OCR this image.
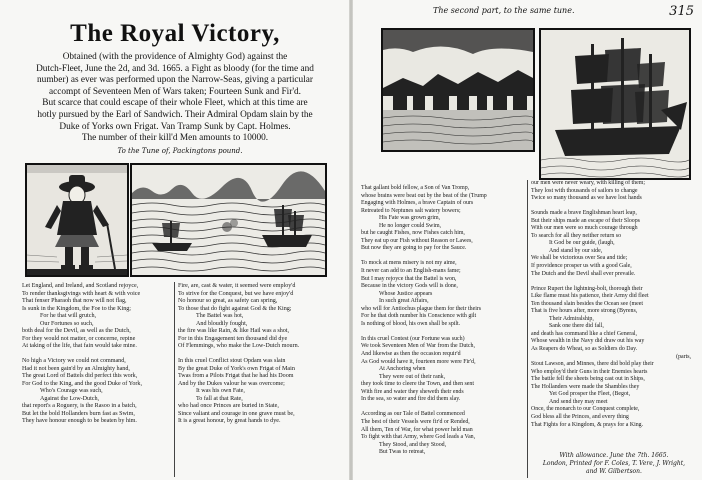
The Royal Victory,
Obtained (with the providence of Almighty God) against the
Dutch-Fleet, June the 2d, and 3d. 1665. a Fight as bloody (for the time and
number) as ever was performed upon the Narrow-Seas, giving a particular
accompt of Seventeen Men of Wars taken; Fourteen Sunk and Fir'd.
But scarce that could escape of their whole Fleet, which at this time are
hotly pursued by the Earl of Sandwich. Their Admiral Opdam slain by the
Duke of Yorks own Frigat. Van Tramp Sunk by Capt. Holmes.
The number of their kill'd Men amounts to 10000.
To the Tune of, Packingtons pound.
Let England, and Ireland, and Scotland rejoyce,
To render thanksgivings with heart & with voice
That fenser Pharaoh that now will not flag,
Is sunk in the Kingdom, the Foe to the King;
For he that will grutch,
Our Fortunes so such,
both deal for the Devil, as well as the Dutch,
For they would not matter, or concerne, repine
At taking of the life, that fain would take mine.

No high a Victory we could not command,
Had it not been gain'd by an Almighty hand,
The great Lord of Battels did perfect this work,
For God to the King, and the good Duke of York,
Who's Courage was such,
Against the Low-Dutch,
that report's a Roguery, is the Rasoo in a batch,
But let the bold Hollanders burn fast as Swim,
They have honour enough to be beaten by him.
Fire, are, cast & water, it seemed were employ'd
To strive for the Conquest, but we have enjoy'd
No honour so great, as safety can spring,
To those that do fight against God & the King;
The Battel was hot,
And bloudily fought,
the fire was like Rain, & like Hail was a shot,
For in this Engagement ten thousand did dye
Of Flemmings, who make the Low-Dutch mourn.

In this cruel Conflict stout Opdam was slain
By the great Duke of York's own Frigat of Main
Twas from a Pilots Frigat that he had his Doom
And by the Dukes valour he was overcome;
It was his own Fate,
To fall at that Rate,
who had once Princes are buried in State,
Since valiant and courage in one grave must be,
It is a great honour, by great hands to dye.
The second part, to the same tune.	315
That gallant bold fellow, a Son of Van Tromp,
whose brains were beat out by the beat of the (Trump
Engaging with Holmes, a brave Captain of ours
Retreated to Neptunes salt watery bowers;
His Fate was grown grim,
He no longer could Swim,
but he caught Fishes, now Fishes catch him,
They eat up our Fish without Reason or Lawes,
But now they are going to pay for the Sauce.

To mock at mens misery is not my aime,
It never can add to an English-mans fame;
But I may rejoyce that the Battel is won,
Because in the victory Gods will is done,
Whose Justice appears
In such great Affairs,
who will for Antiochus plague them for their theirs
For he that doth number his Conscience with gilt
Is nothing of blood, his own shall be spilt.

In this cruel Contest (our Fortune was such)
We took Seventeen Men of War from the Dutch,
And likewise as then the occasion requir'd
As God would have it, fourteen more were Fir'd,
At Anchoring when
They were out of their rank,
they took time to cleere the Town, and then sent
With fire and water they sheweth their ends
In the sea, so water and fire did them slay.

According as our Tale of Battel commenced
The best of their Vessels were fir'd or Rended,
All them, Ten of War, for what power held man
To fight with that Army, where God leads a Van,
They Stood, and they Stood,
But Twas to retreat,
our men were never weary, with killing of them;
They lost with thousands of sailors to change
Twice so many thousand as we have lost hands

Sounds made a brave Englishman heart leap,
But their ships made an escape of their Sloops
With our men were so much courage through
To search for all they neither return so
It God be our guide, (laugh,
And stand by our side,
We shall be victorious over Sea and tide;
If providence prosper us with a good Gale,
The Dutch and the Devil shall ever prevaile.

Prince Rupert the lightning-bolt, thorough their
Like flame must his patience, their Army did fleet
Ten thousand slain besides the Ocean see (meet
That is five hours after, more strong (Byrens,
Their Admiralship,
Sank one there did fall,
and death has command like a chief General,
Whose wealth in the Navy did draw out his way
As Reapers do Wheat, so as Soldiers do Day.
(parts,
Stout Lawson, and Minnes, there did bold play their
Who employ'd their Guns in their Enemies hearts
The battle fell the sheets being cast out in Ships,
The Hollanders were made the Shambles they
Yet God prosper the Fleet, (Begot,
And send they may meet
Once, the monarch to our Conquest complete,
God bless all the Princes, and every thing
That Fights for a Kingdom, & prays for a King.
With allowance. June the 7th. 1665.
London, Printed for F. Coles, T. Vere, J. Wright,
and W. Gilbertson.
